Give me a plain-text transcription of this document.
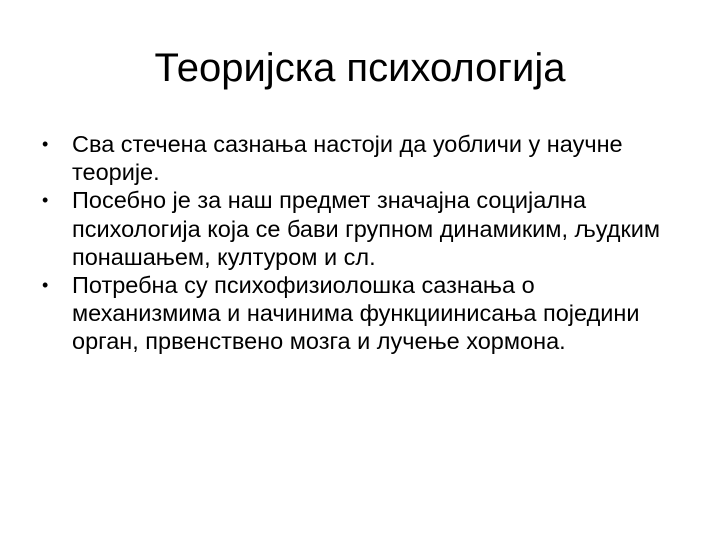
Теоријска психологија
• Сва стечена сазнања настоји да уобличи у научне теорије.
• Посебно је за наш предмет значајна социјална психологија која се бави групном динамиким, људким понашањем, културом и сл.
• Потребна су психофизиолошка сазнања о механизмима и начинима функциинисања поједини орган, првенствено мозга и лучење хормона.
